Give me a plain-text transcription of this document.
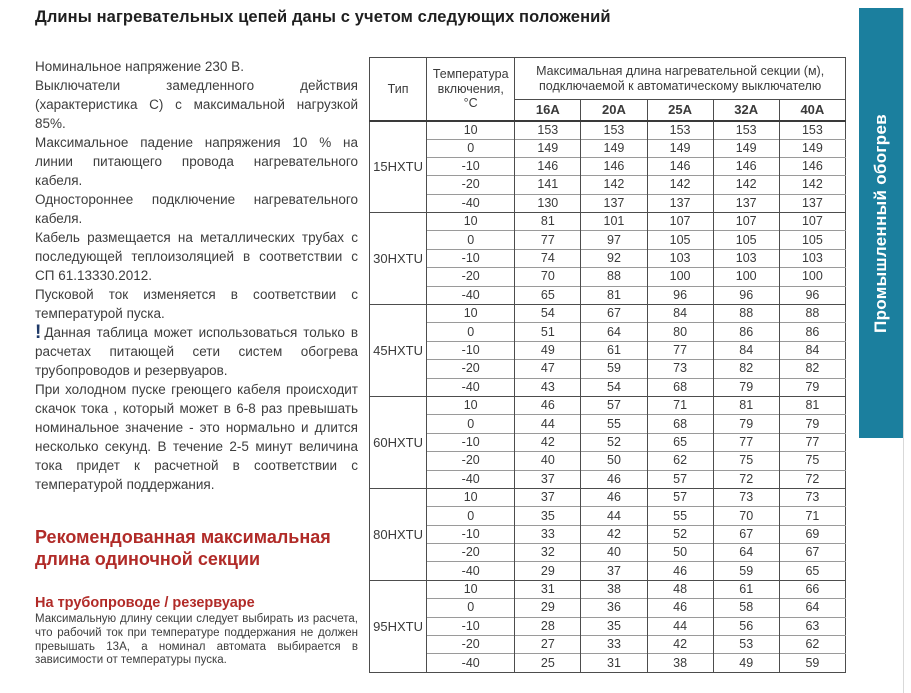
Длины нагревательных цепей даны с учетом следующих положений

Номинальное напряжение 230 В.

Выключатели замедленного действия (характеристика С) с максимальной нагрузкой 85%.

Максимальное падение напряжения 10 % на линии питающего провода нагревательного кабеля.

Одностороннее подключение нагревательного кабеля.

Кабель размещается на металлических трубах с последующей теплоизоляцией в соответствии с СП 61.13330.2012.

Пусковой ток изменяется в соответствии с температурой пуска.

! Данная таблица может использоваться только в расчетах питающей сети систем обогрева трубопроводов и резервуаров.

При холодном пуске греющего кабеля происходит скачок тока , который может в 6-8 раз превышать номинальное значение - это нормально и длится несколько секунд. В течение 2-5 минут величина тока придет к расчетной в соответствии с температурой поддержания.

Рекомендованная максимальная длина одиночной секции
На трубопроводе / резервуаре

Максимальную длину секции следует выбирать из расчета, что рабочий ток при температуре поддержания не должен превышать 13А, а номинал автомата выбирается в зависимости от температуры пуска.

Тип	Температура включения, °С	Максимальная длина нагревательной секции (м), подключаемой к автоматическому выключателю				
		16А	20А	25А	32А	40А
15HXTU	10	153	153	153	153	153
	0	149	149	149	149	149
	-10	146	146	146	146	146
	-20	141	142	142	142	142
	-40	130	137	137	137	137
30HXTU	10	81	101	107	107	107
	0	77	97	105	105	105
	-10	74	92	103	103	103
	-20	70	88	100	100	100
	-40	65	81	96	96	96
45HXTU	10	54	67	84	88	88
	0	51	64	80	86	86
	-10	49	61	77	84	84
	-20	47	59	73	82	82
	-40	43	54	68	79	79
60HXTU	10	46	57	71	81	81
	0	44	55	68	79	79
	-10	42	52	65	77	77
	-20	40	50	62	75	75
	-40	37	46	57	72	72
80HXTU	10	37	46	57	73	73
	0	35	44	55	70	71
	-10	33	42	52	67	69
	-20	32	40	50	64	67
	-40	29	37	46	59	65
95HXTU	10	31	38	48	61	66
	0	29	36	46	58	64
	-10	28	35	44	56	63
	-20	27	33	42	53	62
	-40	25	31	38	49	59
Промышленный обогрев
